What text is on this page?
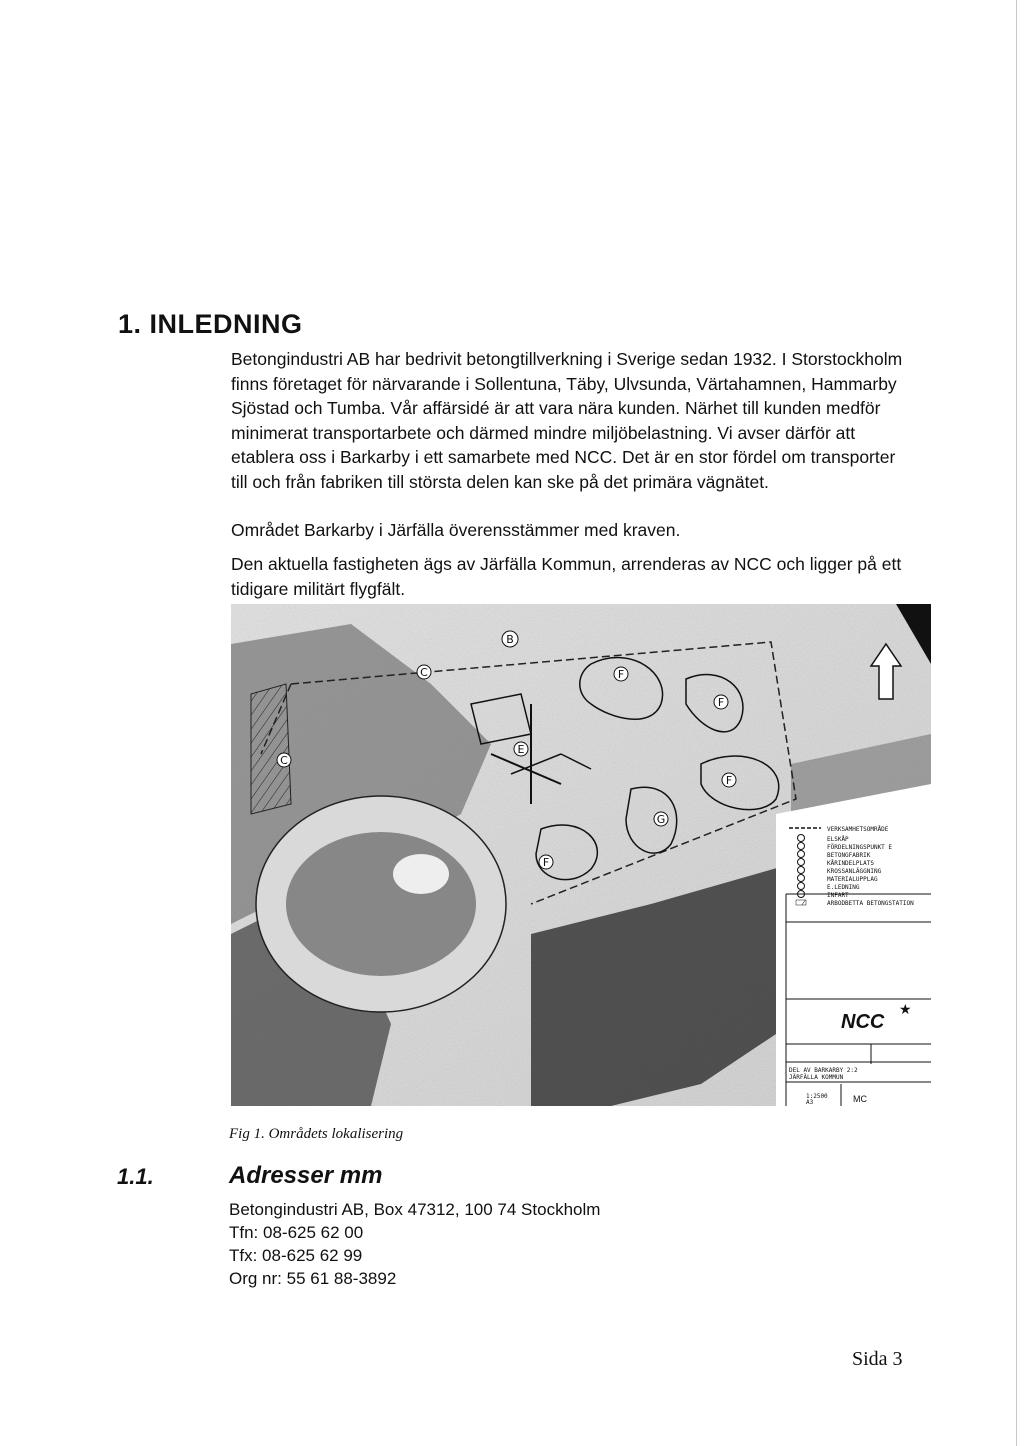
1. INLEDNING

Betongindustri AB har bedrivit betongtillverkning i Sverige sedan 1932. I Storstockholm finns företaget för närvarande i Sollentuna, Täby, Ulvsunda, Värtahamnen, Hammarby Sjöstad och Tumba. Vår affärsidé är att vara nära kunden. Närhet till kunden medför minimerat transportarbete och därmed mindre miljöbelastning. Vi avser därför att etablera oss i Barkarby i ett samarbete med NCC. Det är en stor fördel om transporter till och från fabriken till största delen kan ske på det primära vägnätet.

Området Barkarby i Järfälla överensstämmer med kraven.

Den aktuella fastigheten ägs av Järfälla Kommun, arrenderas av NCC och ligger på ett tidigare militärt flygfält.

B
C
C
E
F
F
F
G
F
VERKSAMHETSOMRÅDE
ELSKÅP
FÖRDELNINGSPUNKT E
BETONGFABRIK
KÅRINDELPLATS
KROSSANLÄGGNING
MATERIALUPPLAG
E.LEDNING
INFART
ARBODBETTA BETONGSTATION
NCC
★
DEL AV BARKARBY 2:2
JÄRFÄLLA KOMMUN
1:2500
A3	MC
Fig 1. Områdets lokalisering
1.1.	Adresser mm
Betongindustri AB, Box 47312, 100 74 Stockholm
Tfn: 08-625 62 00
Tfx: 08-625 62 99
Org nr: 55 61 88-3892
Sida 3
